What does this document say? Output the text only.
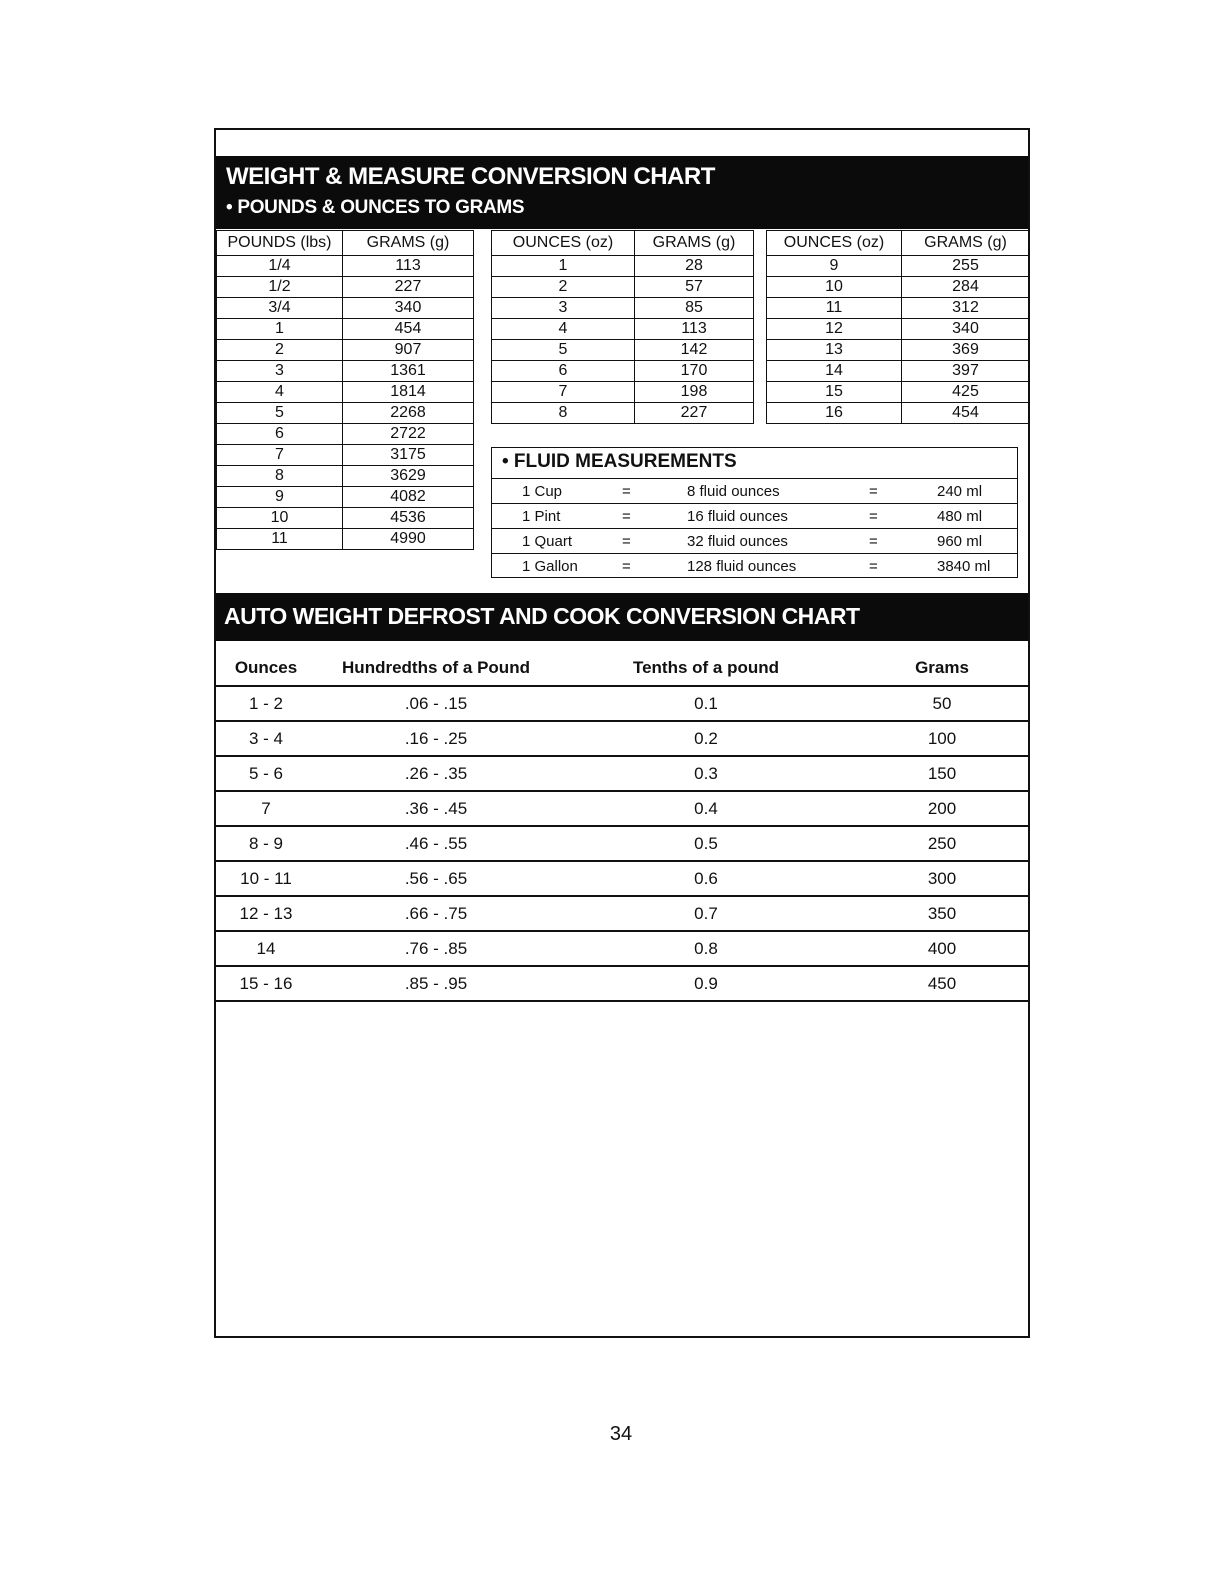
WEIGHT & MEASURE CONVERSION CHART
• POUNDS & OUNCES TO GRAMS
POUNDS (lbs)	GRAMS (g)
1/4	113
1/2	227
3/4	340
1	454
2	907
3	1361
4	1814
5	2268
6	2722
7	3175
8	3629
9	4082
10	4536
11	4990
OUNCES (oz)	GRAMS (g)
1	28
2	57
3	85
4	113
5	142
6	170
7	198
8	227
OUNCES (oz)	GRAMS (g)
9	255
10	284
11	312
12	340
13	369
14	397
15	425
16	454
• FLUID MEASUREMENTS
1 Cup	=	8 fluid ounces	=	240 ml
1 Pint	=	16 fluid ounces	=	480 ml
1 Quart	=	32 fluid ounces	=	960 ml
1 Gallon	=	128 fluid ounces	=	3840 ml
AUTO WEIGHT DEFROST AND COOK CONVERSION CHART
Ounces	Hundredths of a Pound	Tenths of a pound	Grams
1 - 2	.06 - .15	0.1	50
3 - 4	.16 - .25	0.2	100
5 - 6	.26 - .35	0.3	150
7	.36 - .45	0.4	200
8 - 9	.46 - .55	0.5	250
10 - 11	.56 - .65	0.6	300
12 - 13	.66 - .75	0.7	350
14	.76 - .85	0.8	400
15 - 16	.85 - .95	0.9	450
34
